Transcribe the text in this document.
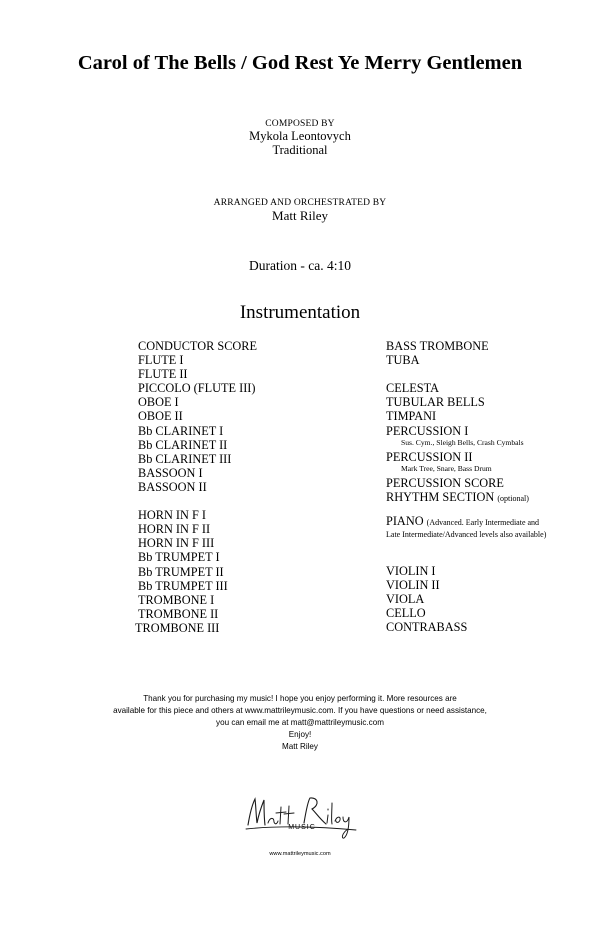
Carol of The Bells / God Rest Ye Merry Gentlemen
COMPOSED BY
Mykola Leontovych
Traditional
ARRANGED AND ORCHESTRATED BY
Matt Riley
Duration - ca. 4:10
Instrumentation
CONDUCTOR SCORE
FLUTE I
FLUTE II
PICCOLO (FLUTE III)
OBOE I
OBOE II
Bb CLARINET I
Bb CLARINET II
Bb CLARINET III
BASSOON I
BASSOON II
HORN IN F I
HORN IN F II
HORN IN F III
Bb TRUMPET I
Bb TRUMPET II
Bb TRUMPET III
TROMBONE I
TROMBONE II
TROMBONE III
BASS TROMBONE
TUBA
CELESTA
TUBULAR BELLS
TIMPANI
PERCUSSION I
Sus. Cym., Sleigh Bells, Crash Cymbals
PERCUSSION II
Mark Tree, Snare, Bass Drum
PERCUSSION SCORE
RHYTHM SECTION (optional)
PIANO (Advanced. Early Intermediate and
Late Intermediate/Advanced levels also available)
VIOLIN I
VIOLIN II
VIOLA
CELLO
CONTRABASS
Thank you for purchasing my music! I hope you enjoy performing it. More resources are
available for this piece and others at www.mattrileymusic.com. If you have questions or need assistance,
you can email me at matt@mattrileymusic.com
Enjoy!
Matt Riley
MUSIC
www.mattrileymusic.com
